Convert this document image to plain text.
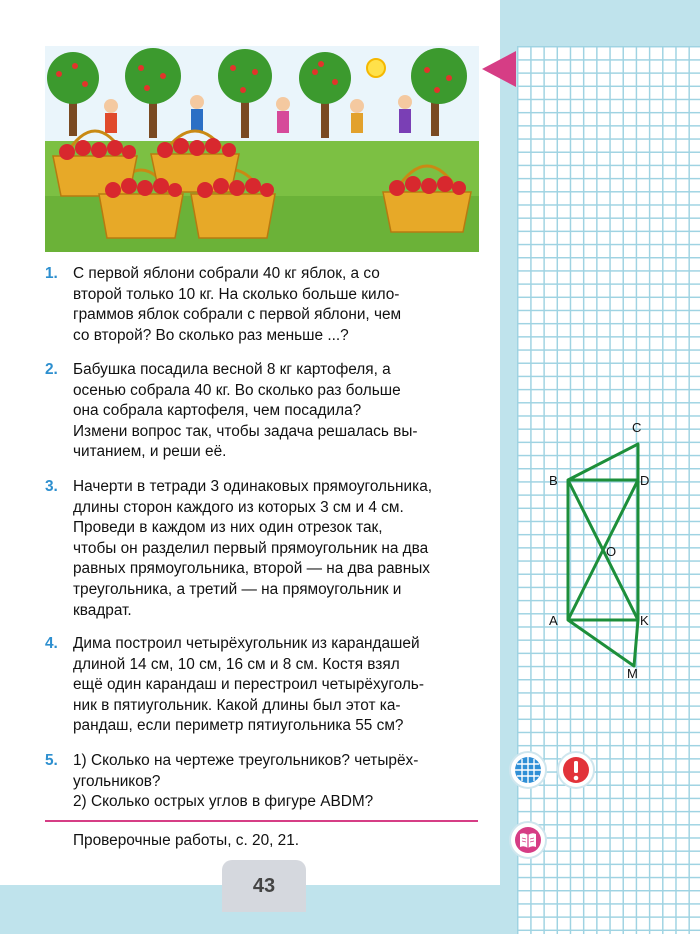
1. С первой яблони собрали 40 кг яблок, а со
второй только 10 кг. На сколько больше кило-
граммов яблок собрали с первой яблони, чем
со второй? Во сколько раз меньше ...?
2. Бабушка посадила весной 8 кг картофеля, а
осенью собрала 40 кг. Во сколько раз больше
она собрала картофеля, чем посадила?
Измени вопрос так, чтобы задача решалась вы-
читанием, и реши её.
3. Начерти в тетради 3 одинаковых прямоугольника,
длины сторон каждого из которых 3 см и 4 см.
Проведи в каждом из них один отрезок так,
чтобы он разделил первый прямоугольник на два
равных прямоугольника, второй — на два равных
треугольника, а третий — на прямоугольник и
квадрат.
4. Дима построил четырёхугольник из карандашей
длиной 14 см, 10 см, 16 см и 8 см. Костя взял
ещё один карандаш и перестроил четырёхуголь-
ник в пятиугольник. Какой длины был этот ка-
рандаш, если периметр пятиугольника 55 см?
5. 1) Сколько на чертеже треугольников? четырёх-
угольников?
2) Сколько острых углов в фигуре ABDM?
Проверочные работы, с. 20, 21.
43
C
B	D
O
A	K
M
